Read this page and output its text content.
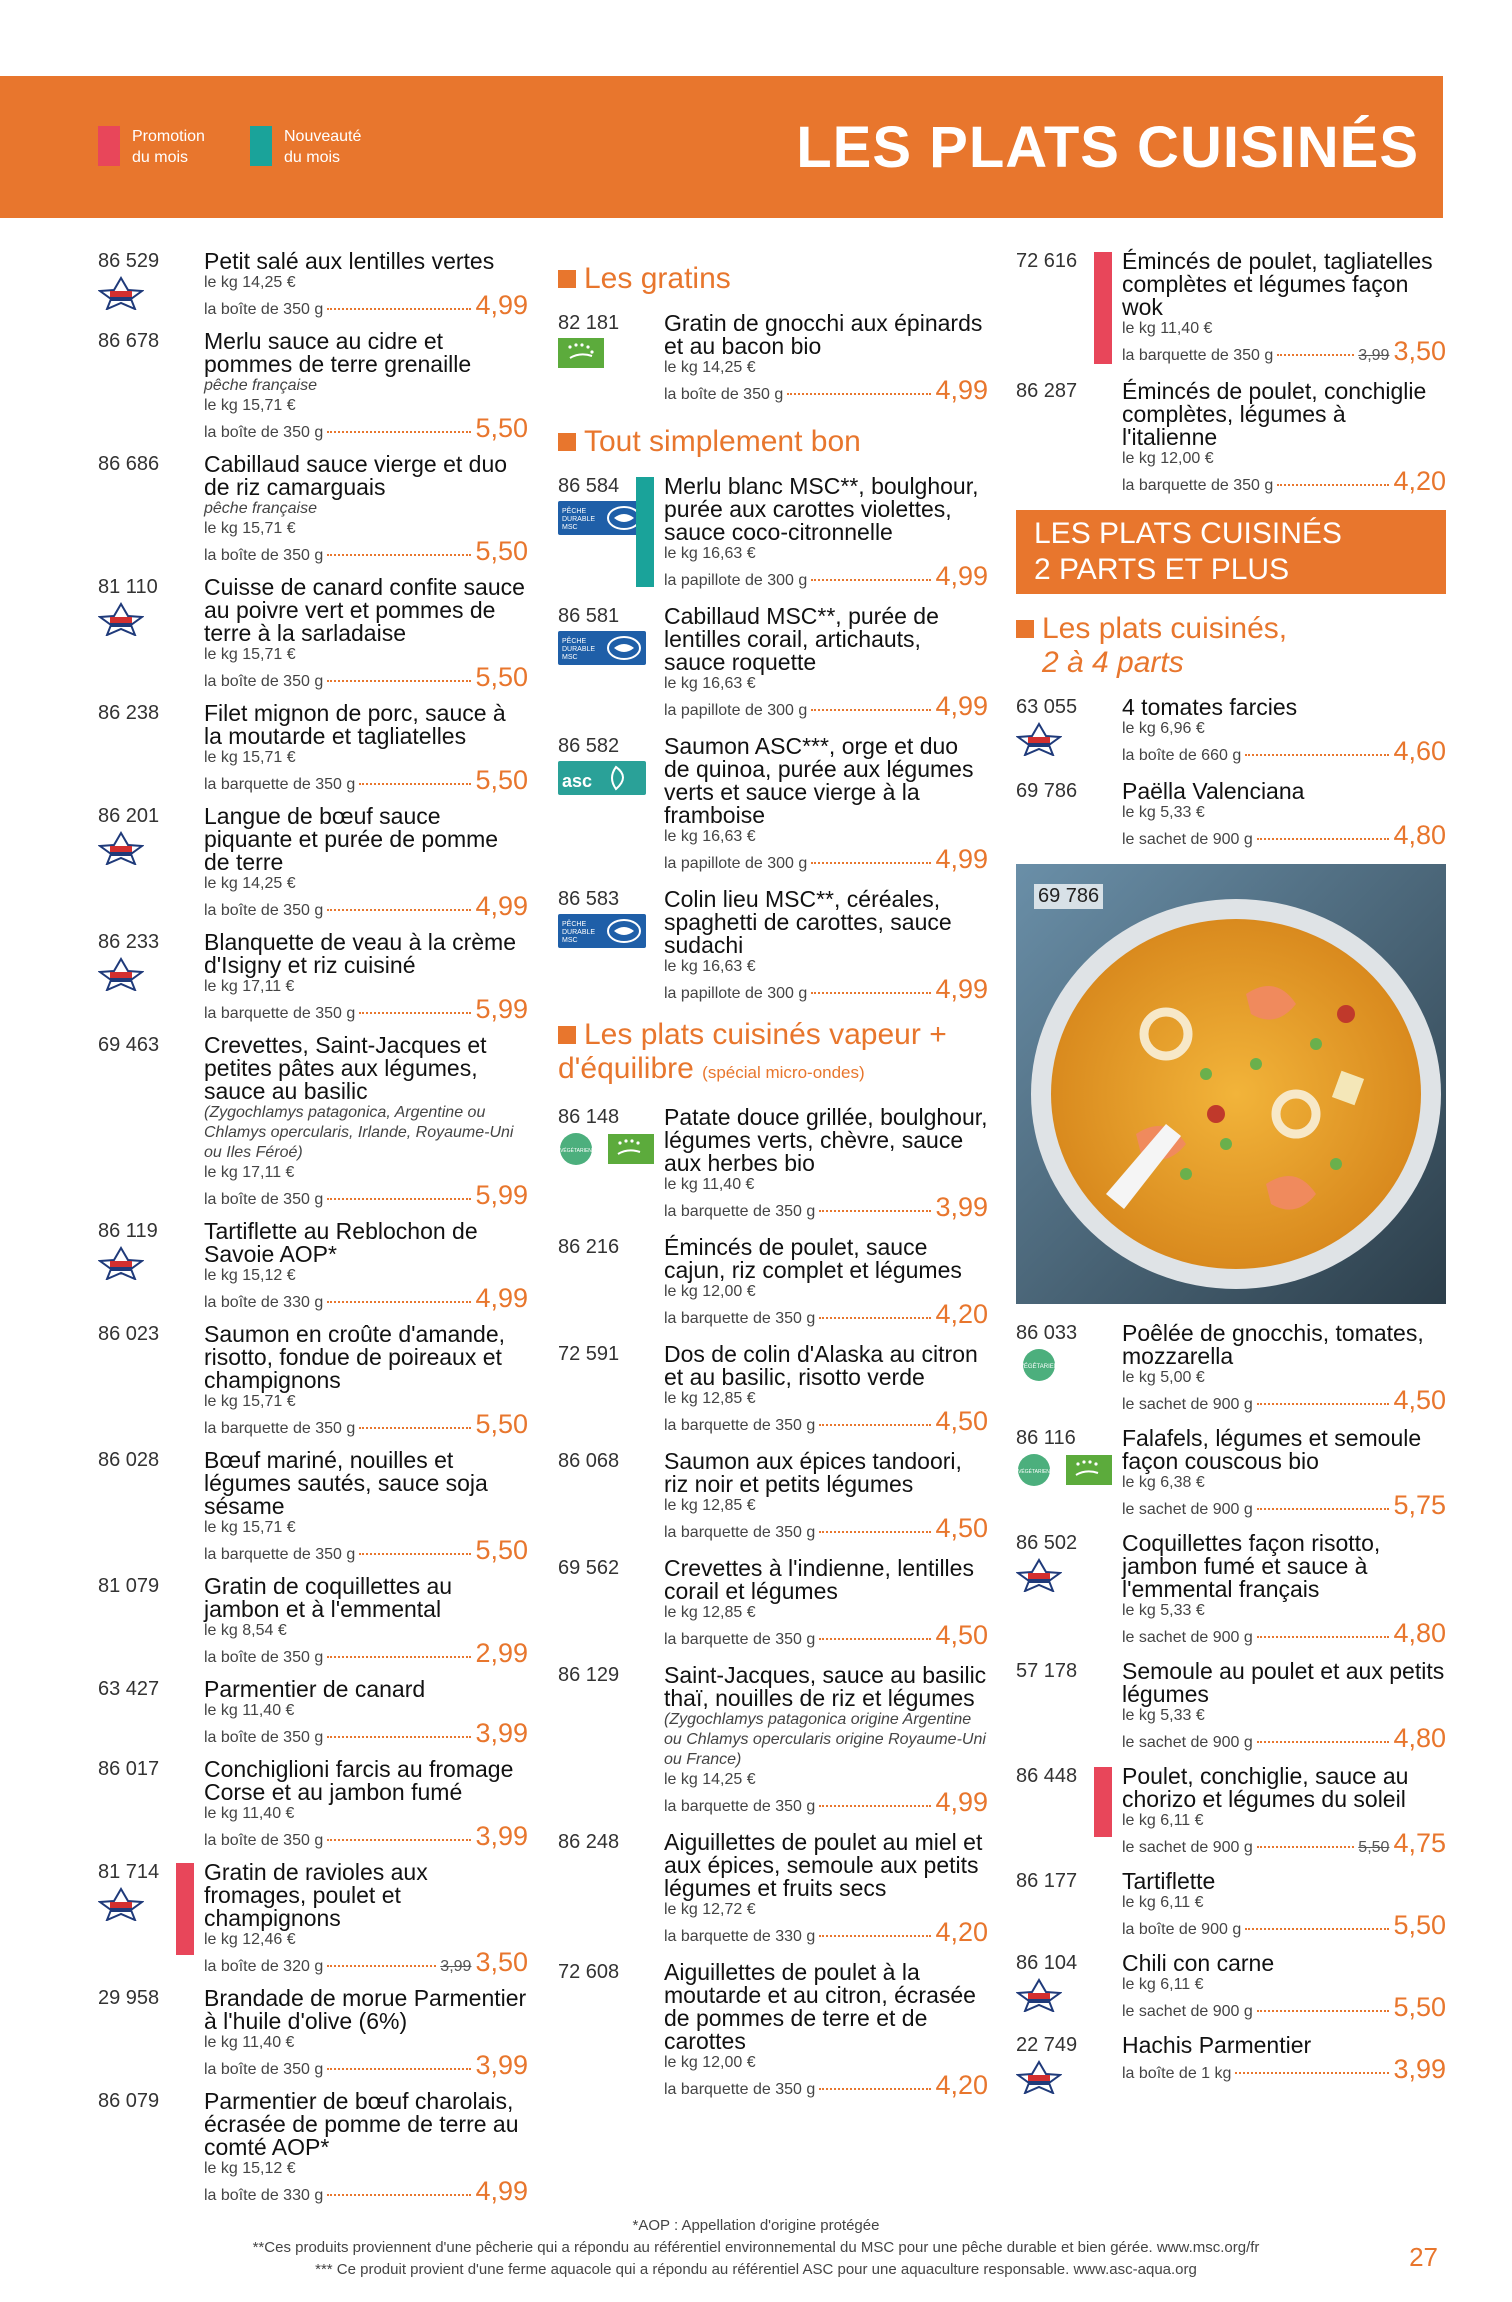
Promotion du mois
Nouveauté du mois	LES PLATS CUISINÉS
86 529 Petit salé aux lentilles vertes
le kg 14,25 €
la boîte de 350 g	4,99
86 678 Merlu sauce au cidre et pommes de terre grenaille
pêche française
le kg 15,71 €
la boîte de 350 g	5,50
86 686 Cabillaud sauce vierge et duo de riz camarguais
pêche française
le kg 15,71 €
la boîte de 350 g	5,50
81 110 Cuisse de canard confite sauce au poivre vert et pommes de terre à la sarladaise
le kg 15,71 €
la boîte de 350 g	5,50
86 238 Filet mignon de porc, sauce à la moutarde et tagliatelles
le kg 15,71 €
la barquette de 350 g	5,50
86 201 Langue de bœuf sauce piquante et purée de pomme de terre
le kg 14,25 €
la boîte de 350 g	4,99
86 233 Blanquette de veau à la crème d'Isigny et riz cuisiné
le kg 17,11 €
la barquette de 350 g	5,99
69 463 Crevettes, Saint-Jacques et petites pâtes aux légumes, sauce au basilic
(Zygochlamys patagonica, Argentine ou Chlamys opercularis, Irlande, Royaume-Uni ou Iles Féroé)
le kg 17,11 €
la boîte de 350 g	5,99
86 119 Tartiflette au Reblochon de Savoie AOP*
le kg 15,12 €
la boîte de 330 g	4,99
86 023 Saumon en croûte d'amande, risotto, fondue de poireaux et champignons
le kg 15,71 €
la barquette de 350 g	5,50
86 028 Bœuf mariné, nouilles et légumes sautés, sauce soja sésame
le kg 15,71 €
la barquette de 350 g	5,50
81 079 Gratin de coquillettes au jambon et à l'emmental
le kg 8,54 €
la boîte de 350 g	2,99
63 427 Parmentier de canard
le kg 11,40 €
la boîte de 350 g	3,99
86 017 Conchiglioni farcis au fromage Corse et au jambon fumé
le kg 11,40 €
la boîte de 350 g	3,99
81 714 Gratin de ravioles aux fromages, poulet et champignons
le kg 12,46 €
la boîte de 320 g	3,99 3,50
29 958 Brandade de morue Parmentier à l'huile d'olive (6%)
le kg 11,40 €
la boîte de 350 g	3,99
86 079 Parmentier de bœuf charolais, écrasée de pomme de terre au comté AOP*
le kg 15,12 €
la boîte de 330 g	4,99
Les gratins
82 181 Gratin de gnocchi aux épinards et au bacon bio
le kg 14,25 €
la boîte de 350 g	4,99
Tout simplement bon
86 584
PÊCHE
DURABLE
MSC
Merlu blanc MSC**, boulghour, purée aux carottes violettes, sauce coco-citronnelle
le kg 16,63 €
la papillote de 300 g	4,99
86 581
PÊCHE
DURABLE
MSC
Cabillaud MSC**, purée de lentilles corail, artichauts, sauce roquette
le kg 16,63 €
la papillote de 300 g	4,99
86 582
asc
Saumon ASC***, orge et duo de quinoa, purée aux légumes verts et sauce vierge à la framboise
le kg 16,63 €
la papillote de 300 g	4,99
86 583
PÊCHE
DURABLE
MSC
Colin lieu MSC**, céréales, spaghetti de carottes, sauce sudachi
le kg 16,63 €
la papillote de 300 g	4,99
Les plats cuisinés vapeur + d'équilibre (spécial micro-ondes)
86 148
VÉGÉTARIEN
Patate douce grillée, boulghour, légumes verts, chèvre, sauce aux herbes bio
le kg 11,40 €
la barquette de 350 g	3,99
86 216 Émincés de poulet, sauce cajun, riz complet et légumes
le kg 12,00 €
la barquette de 350 g	4,20
72 591 Dos de colin d'Alaska au citron et au basilic, risotto verde
le kg 12,85 €
la barquette de 350 g	4,50
86 068 Saumon aux épices tandoori, riz noir et petits légumes
le kg 12,85 €
la barquette de 350 g	4,50
69 562 Crevettes à l'indienne, lentilles corail et légumes
le kg 12,85 €
la barquette de 350 g	4,50
86 129 Saint-Jacques, sauce au basilic thaï, nouilles de riz et légumes
(Zygochlamys patagonica origine Argentine ou Chlamys opercularis origine Royaume-Uni ou France)
le kg 14,25 €
la barquette de 350 g	4,99
86 248 Aiguillettes de poulet au miel et aux épices, semoule aux petits légumes et fruits secs
le kg 12,72 €
la barquette de 330 g	4,20
72 608 Aiguillettes de poulet à la moutarde et au citron, écrasée de pommes de terre et de carottes
le kg 12,00 €
la barquette de 350 g	4,20
72 616 Émincés de poulet, tagliatelles complètes et légumes façon wok
le kg 11,40 €
la barquette de 350 g	3,99 3,50
86 287 Émincés de poulet, conchiglie complètes, légumes à l'italienne
le kg 12,00 €
la barquette de 350 g	4,20
LES PLATS CUISINÉS
2 PARTS ET PLUS
Les plats cuisinés,
2 à 4 parts
63 055 4 tomates farcies
le kg 6,96 €
la boîte de 660 g	4,60
69 786 Paëlla Valenciana
le kg 5,33 €
le sachet de 900 g	4,80
69 786
86 033
VÉGÉTARIEN
Poêlée de gnocchis, tomates, mozzarella
le kg 5,00 €
le sachet de 900 g	4,50
86 116
VÉGÉTARIEN
Falafels, légumes et semoule façon couscous bio
le kg 6,38 €
le sachet de 900 g	5,75
86 502 Coquillettes façon risotto, jambon fumé et sauce à l'emmental français
le kg 5,33 €
le sachet de 900 g	4,80
57 178 Semoule au poulet et aux petits légumes
le kg 5,33 €
le sachet de 900 g	4,80
86 448 Poulet, conchiglie, sauce au chorizo et légumes du soleil
le kg 6,11 €
le sachet de 900 g	5,50 4,75
86 177 Tartiflette
le kg 6,11 €
la boîte de 900 g	5,50
86 104 Chili con carne
le kg 6,11 €
le sachet de 900 g	5,50
22 749 Hachis Parmentier
la boîte de 1 kg	3,99
*AOP : Appellation d'origine protégée
**Ces produits proviennent d'une pêcherie qui a répondu au référentiel environnemental du MSC pour une pêche durable et bien gérée. www.msc.org/fr
*** Ce produit provient d'une ferme aquacole qui a répondu au référentiel ASC pour une aquaculture responsable. www.asc-aqua.org	27
